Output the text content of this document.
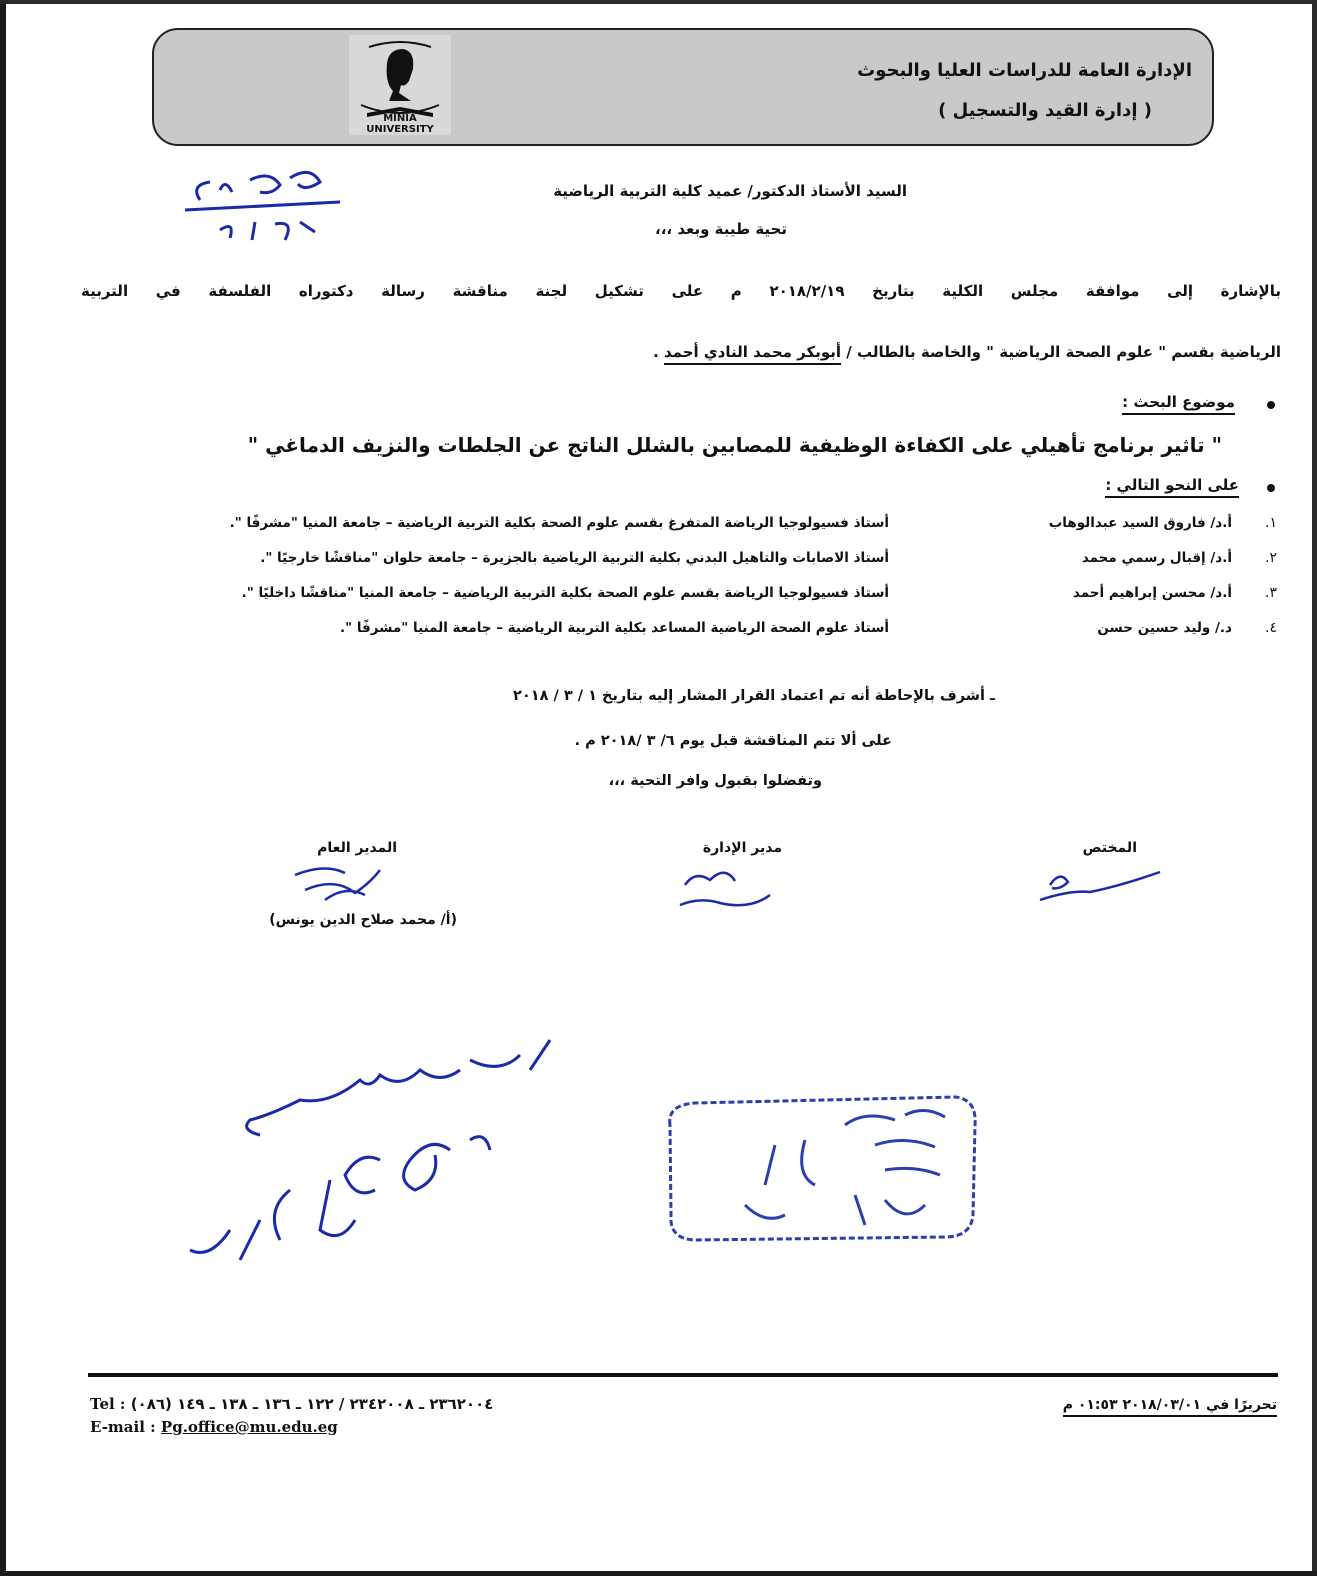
الإدارة العامة للدراسات العليا والبحوث
( إدارة القيد والتسجيل )
MINIA UNIVERSITY
السيد الأستاذ الدكتور/ عميد كلية التربية الرياضية
تحية طيبة وبعد ،،،
بالإشارة إلى موافقة مجلس الكلية بتاريخ ٢٠١٨/٢/١٩ م على تشكيل لجنة مناقشة رسالة دكتوراه الفلسفة في التربية
الرياضية بقسم " علوم الصحة الرياضية " والخاصة بالطالب / أبوبكر محمد النادي أحمد .
موضوع البحث :
" تاثير برنامج تأهيلي على الكفاءة الوظيفية للمصابين بالشلل الناتج عن الجلطات والنزيف الدماغي "
على النحو التالي :
١.
أ.د/ فاروق السيد عبدالوهاب
أستاذ فسيولوجيا الرياضة المتفرغ بقسم علوم الصحة بكلية التربية الرياضية – جامعة المنيا "مشرفًا ".
٢.
أ.د/ إقبال رسمي محمد
أستاذ الاصابات والتاهيل البدني بكلية التربية الرياضية بالجزيرة – جامعة حلوان "مناقشًا خارجيًا ".
٣.
أ.د/ محسن إبراهيم أحمد
أستاذ فسيولوجيا الرياضة بقسم علوم الصحة بكلية التربية الرياضية – جامعة المنيا "مناقشًا داخليًا ".
٤.
د./ وليد حسين حسن
أستاذ علوم الصحة الرياضية المساعد بكلية التربية الرياضية – جامعة المنيا "مشرفًا ".
ـ أشرف بالإحاطة أنه تم اعتماد القرار المشار إليه بتاريخ ١ / ٣ / ٢٠١٨
على ألا تتم المناقشة قبل يوم ٦/ ٣ /٢٠١٨ م .
وتفضلوا بقبول وافر التحية ،،،
المختص
مدير الإدارة
المدير العام
(أ/ محمد صلاح الدين يونس)
Tel : (٠٨٦) ٢٣٦٢٠٠٤ ـ ٢٣٤٢٠٠٨ / ١٢٢ ـ ١٣٦ ـ ١٣٨ ـ ١٤٩
E-mail : Pg.office@mu.edu.eg
تحريرًا في ٢٠١٨/٠٣/٠١ ٠١:٥٣ م
